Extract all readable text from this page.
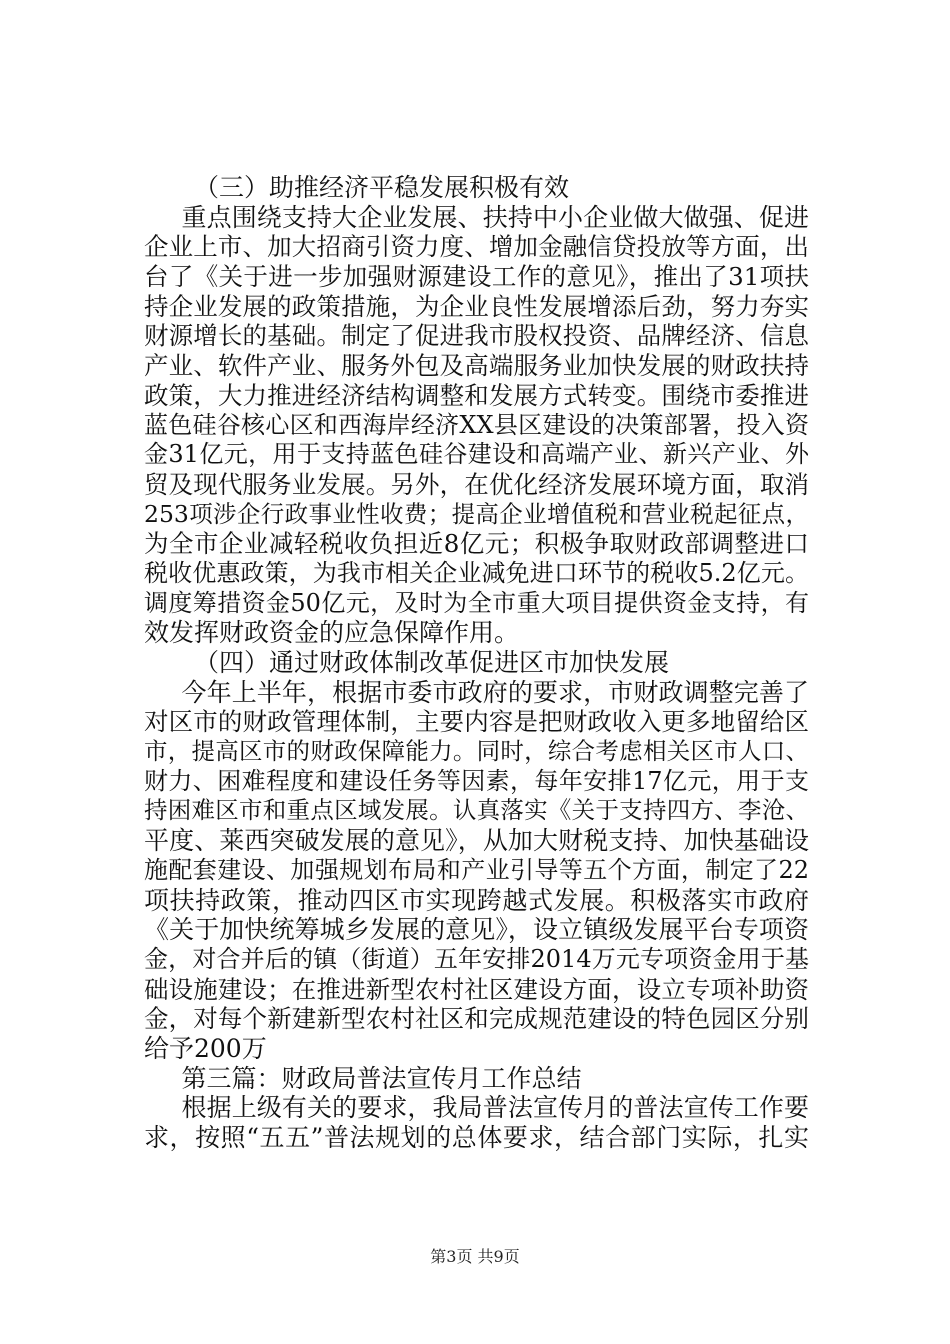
（三）助推经济平稳发展积极有效
重点围绕支持大企业发展、扶持中小企业做大做强、促进
企业上市、加大招商引资力度、增加金融信贷投放等方面，出
台了《关于进一步加强财源建设工作的意见》，推出了31项扶
持企业发展的政策措施，为企业良性发展增添后劲，努力夯实
财源增长的基础。制定了促进我市股权投资、品牌经济、信息
产业、软件产业、服务外包及高端服务业加快发展的财政扶持
政策，大力推进经济结构调整和发展方式转变。围绕市委推进
蓝色硅谷核心区和西海岸经济XX县区建设的决策部署，投入资
金31亿元，用于支持蓝色硅谷建设和高端产业、新兴产业、外
贸及现代服务业发展。另外，在优化经济发展环境方面，取消
253项涉企行政事业性收费；提高企业增值税和营业税起征点，
为全市企业减轻税收负担近8亿元；积极争取财政部调整进口
税收优惠政策，为我市相关企业减免进口环节的税收5.2亿元。
调度筹措资金50亿元，及时为全市重大项目提供资金支持，有
效发挥财政资金的应急保障作用。
（四）通过财政体制改革促进区市加快发展
今年上半年，根据市委市政府的要求，市财政调整完善了
对区市的财政管理体制，主要内容是把财政收入更多地留给区
市，提高区市的财政保障能力。同时，综合考虑相关区市人口、
财力、困难程度和建设任务等因素，每年安排17亿元，用于支
持困难区市和重点区域发展。认真落实《关于支持四方、李沧、
平度、莱西突破发展的意见》，从加大财税支持、加快基础设
施配套建设、加强规划布局和产业引导等五个方面，制定了22
项扶持政策，推动四区市实现跨越式发展。积极落实市政府
《关于加快统筹城乡发展的意见》，设立镇级发展平台专项资
金，对合并后的镇（街道）五年安排2014万元专项资金用于基
础设施建设；在推进新型农村社区建设方面，设立专项补助资
金，对每个新建新型农村社区和完成规范建设的特色园区分别
给予200万
第三篇：财政局普法宣传月工作总结
根据上级有关的要求，我局普法宣传月的普法宣传工作要
求，按照“五五”普法规划的总体要求，结合部门实际，扎实
第3页 共9页
